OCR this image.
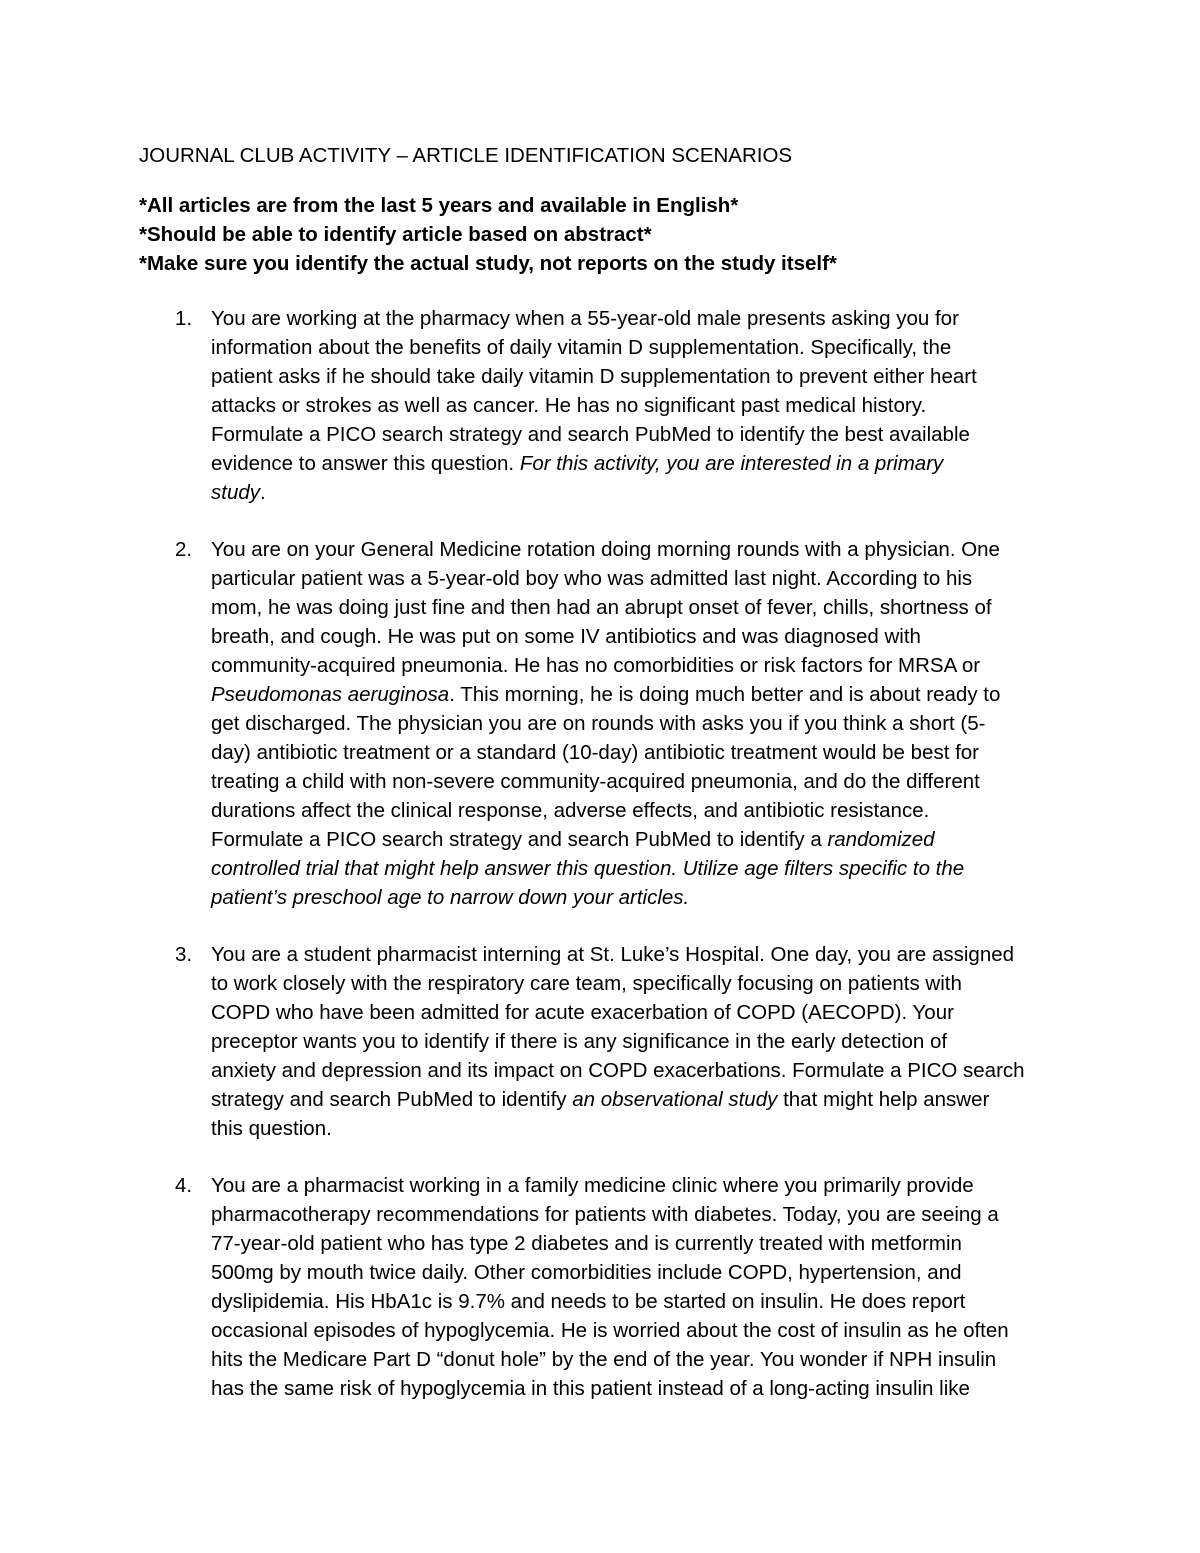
JOURNAL CLUB ACTIVITY – ARTICLE IDENTIFICATION SCENARIOS
*All articles are from the last 5 years and available in English*
*Should be able to identify article based on abstract*
*Make sure you identify the actual study, not reports on the study itself*
1. You are working at the pharmacy when a 55-year-old male presents asking you for
information about the benefits of daily vitamin D supplementation. Specifically, the
patient asks if he should take daily vitamin D supplementation to prevent either heart
attacks or strokes as well as cancer. He has no significant past medical history.
Formulate a PICO search strategy and search PubMed to identify the best available
evidence to answer this question. For this activity, you are interested in a primary
study.
2. You are on your General Medicine rotation doing morning rounds with a physician. One
particular patient was a 5-year-old boy who was admitted last night. According to his
mom, he was doing just fine and then had an abrupt onset of fever, chills, shortness of
breath, and cough. He was put on some IV antibiotics and was diagnosed with
community-acquired pneumonia. He has no comorbidities or risk factors for MRSA or
Pseudomonas aeruginosa. This morning, he is doing much better and is about ready to
get discharged. The physician you are on rounds with asks you if you think a short (5-
day) antibiotic treatment or a standard (10-day) antibiotic treatment would be best for
treating a child with non-severe community-acquired pneumonia, and do the different
durations affect the clinical response, adverse effects, and antibiotic resistance.
Formulate a PICO search strategy and search PubMed to identify a randomized
controlled trial that might help answer this question. Utilize age filters specific to the
patient’s preschool age to narrow down your articles.
3. You are a student pharmacist interning at St. Luke’s Hospital. One day, you are assigned
to work closely with the respiratory care team, specifically focusing on patients with
COPD who have been admitted for acute exacerbation of COPD (AECOPD). Your
preceptor wants you to identify if there is any significance in the early detection of
anxiety and depression and its impact on COPD exacerbations. Formulate a PICO search
strategy and search PubMed to identify an observational study that might help answer
this question.
4. You are a pharmacist working in a family medicine clinic where you primarily provide
pharmacotherapy recommendations for patients with diabetes. Today, you are seeing a
77-year-old patient who has type 2 diabetes and is currently treated with metformin
500mg by mouth twice daily. Other comorbidities include COPD, hypertension, and
dyslipidemia. His HbA1c is 9.7% and needs to be started on insulin. He does report
occasional episodes of hypoglycemia. He is worried about the cost of insulin as he often
hits the Medicare Part D “donut hole” by the end of the year. You wonder if NPH insulin
has the same risk of hypoglycemia in this patient instead of a long-acting insulin like
